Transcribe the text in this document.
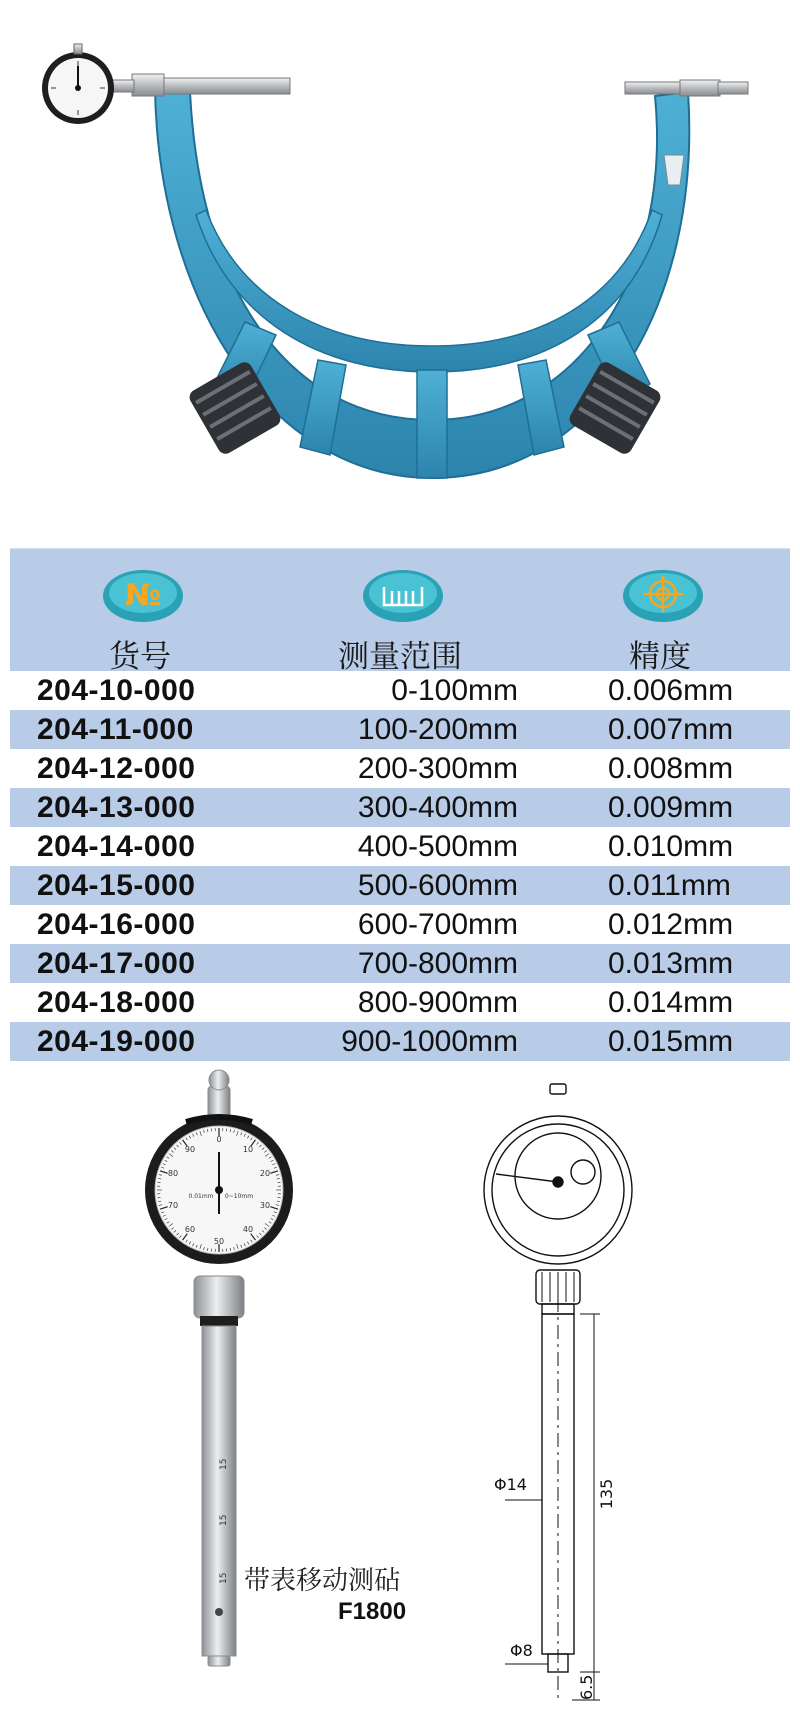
№
货号	测量范围	精度
204-10-000	0-100mm	0.006mm
204-11-000	100-200mm	0.007mm
204-12-000	200-300mm	0.008mm
204-13-000	300-400mm	0.009mm
204-14-000	400-500mm	0.010mm
204-15-000	500-600mm	0.011mm
204-16-000	600-700mm	0.012mm
204-17-000	700-800mm	0.013mm
204-18-000	800-900mm	0.014mm
204-19-000	900-1000mm	0.015mm
0
10
20
30
40
50
60
70
80
90
0.01mm 0~10mm
15
15
15
Φ14	135
Φ8
6.5
带表移动测砧
F1800
